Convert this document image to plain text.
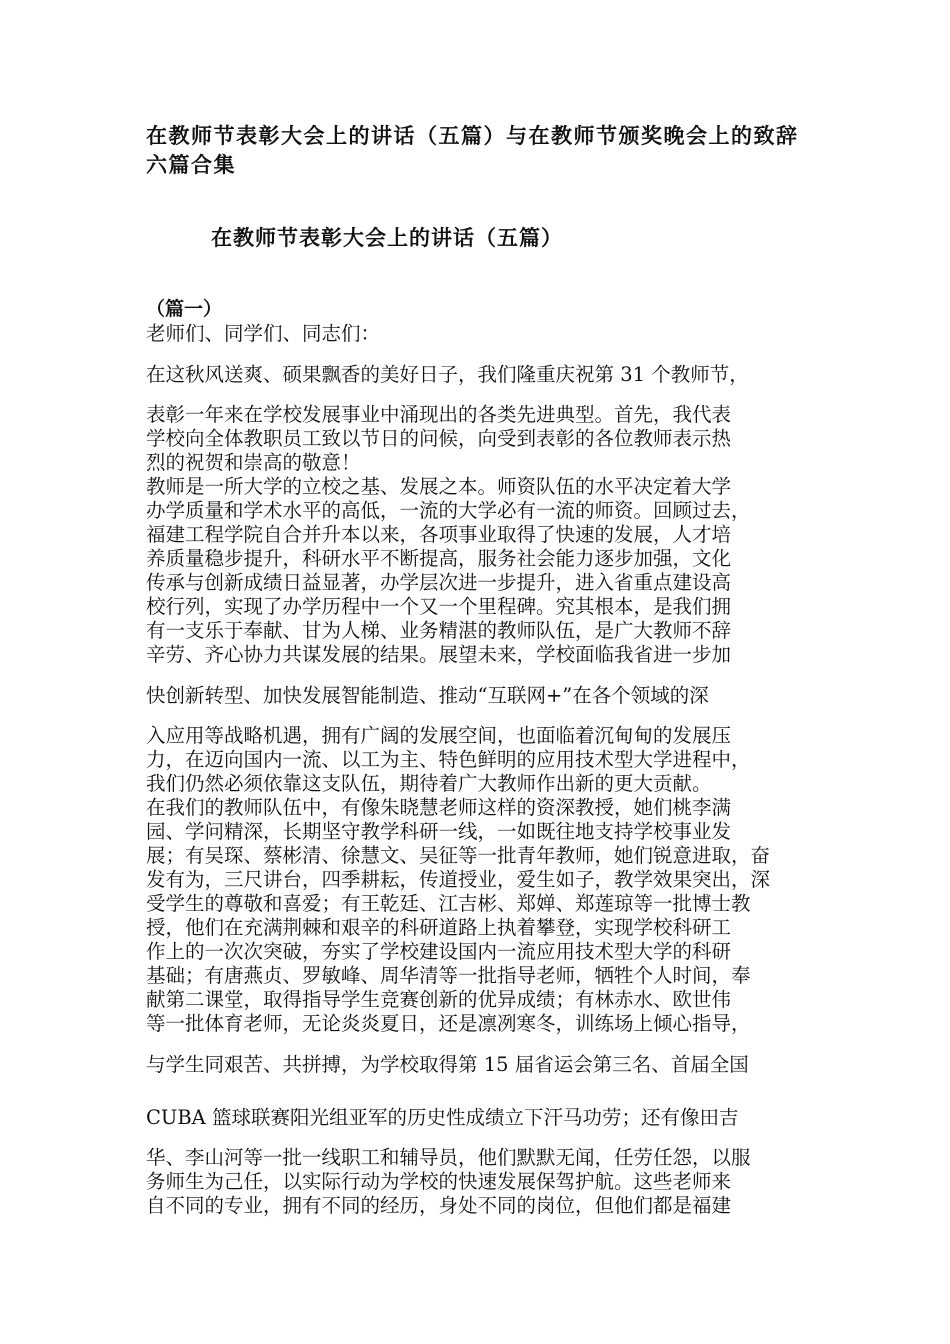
在教师节表彰大会上的讲话（五篇）与在教师节颁奖晚会上的致辞六篇合集
在教师节表彰大会上的讲话（五篇）
（篇一）
老师们、同学们、同志们：
在这秋风送爽、硕果飘香的美好日子，我们隆重庆祝第 31 个教师节，
表彰一年来在学校发展事业中涌现出的各类先进典型。首先，我代表
学校向全体教职员工致以节日的问候，向受到表彰的各位教师表示热
烈的祝贺和崇高的敬意！
教师是一所大学的立校之基、发展之本。师资队伍的水平决定着大学
办学质量和学术水平的高低，一流的大学必有一流的师资。回顾过去，
福建工程学院自合并升本以来，各项事业取得了快速的发展，人才培
养质量稳步提升，科研水平不断提高，服务社会能力逐步加强，文化
传承与创新成绩日益显著，办学层次进一步提升，进入省重点建设高
校行列，实现了办学历程中一个又一个里程碑。究其根本，是我们拥
有一支乐于奉献、甘为人梯、业务精湛的教师队伍，是广大教师不辞
辛劳、齐心协力共谋发展的结果。展望未来，学校面临我省进一步加
快创新转型、加快发展智能制造、推动“互联网+”在各个领域的深
入应用等战略机遇，拥有广阔的发展空间，也面临着沉甸甸的发展压
力，在迈向国内一流、以工为主、特色鲜明的应用技术型大学进程中，
我们仍然必须依靠这支队伍，期待着广大教师作出新的更大贡献。
在我们的教师队伍中，有像朱晓慧老师这样的资深教授，她们桃李满
园、学问精深，长期坚守教学科研一线，一如既往地支持学校事业发
展；有吴琛、蔡彬清、徐慧文、吴征等一批青年教师，她们锐意进取，奋
发有为，三尺讲台，四季耕耘，传道授业，爱生如子，教学效果突出，深
受学生的尊敬和喜爱；有王乾廷、江吉彬、郑婵、郑莲琼等一批博士教
授，他们在充满荆棘和艰辛的科研道路上执着攀登，实现学校科研工
作上的一次次突破，夯实了学校建设国内一流应用技术型大学的科研
基础；有唐燕贞、罗敏峰、周华清等一批指导老师，牺牲个人时间，奉
献第二课堂，取得指导学生竞赛创新的优异成绩；有林赤水、欧世伟
等一批体育老师，无论炎炎夏日，还是凛冽寒冬，训练场上倾心指导，
与学生同艰苦、共拼搏，为学校取得第 15 届省运会第三名、首届全国
CUBA 篮球联赛阳光组亚军的历史性成绩立下汗马功劳；还有像田吉
华、李山河等一批一线职工和辅导员，他们默默无闻，任劳任怨，以服
务师生为己任，以实际行动为学校的快速发展保驾护航。这些老师来
自不同的专业，拥有不同的经历，身处不同的岗位，但他们都是福建
